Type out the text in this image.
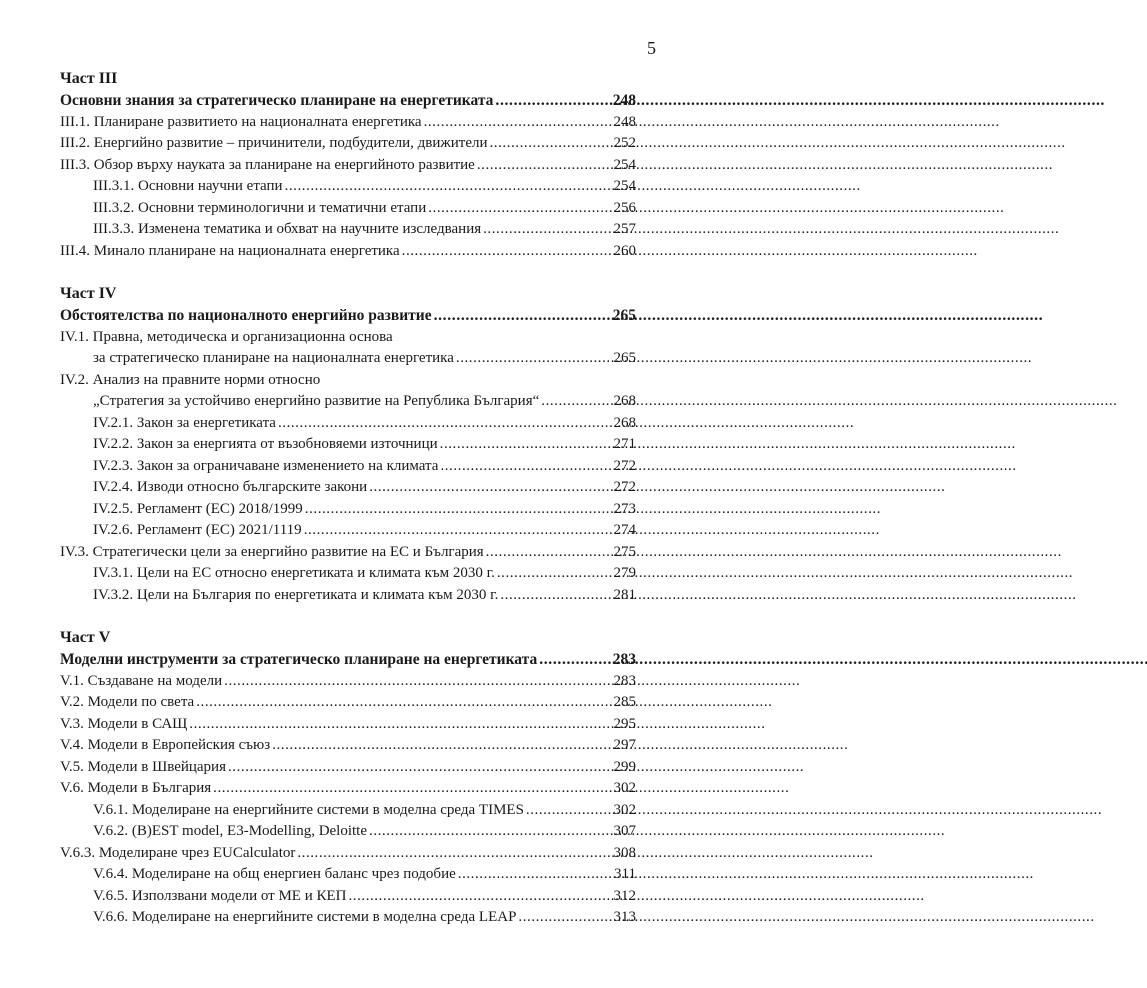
5
Част III
Основни знания за стратегическо планиране на енергетиката . . .	248
III.1. Планиране развитието на националната енергетика . . .	248
III.2. Енергийно развитие – причинители, подбудители, движители . . .	252
III.3. Обзор върху науката за планиране на енергийното развитие . . .	254
III.3.1. Основни научни етапи . . .	254
III.3.2. Основни терминологични и тематични етапи . . .	256
III.3.3. Изменена тематика и обхват на научните изследвания . . .	257
III.4. Минало планиране на националната енергетика . . .	260
Част IV
Обстоятелства по националното енергийно развитие . . .	265
IV.1. Правна, методическа и организационна основа
за стратегическо планиране на националната енергетика . . .	265
IV.2. Анализ на правните норми относно
„Стратегия за устойчиво енергийно развитие на Република България“ . . .	268
IV.2.1. Закон за енергетиката . . .	268
IV.2.2. Закон за енергията от възобновяеми източници . . .	271
IV.2.3. Закон за ограничаване изменението на климата . . .	272
IV.2.4. Изводи относно българските закони . . .	272
IV.2.5. Регламент (ЕС) 2018/1999 . . .	273
IV.2.6. Регламент (ЕС) 2021/1119 . . .	274
IV.3. Стратегически цели за енергийно развитие на ЕС и България . . .	275
IV.3.1. Цели на ЕС относно енергетиката и климата към 2030 г. . . .	279
IV.3.2. Цели на България по енергетиката и климата към 2030 г. . . .	281
Част V
Моделни инструменти за стратегическо планиране на енергетиката . . .	283
V.1. Създаване на модели . . .	283
V.2. Модели по света . . .	285
V.3. Модели в САЩ . . .	295
V.4. Модели в Европейския съюз . . .	297
V.5. Модели в Швейцария . . .	299
V.6. Модели в България . . .	302
V.6.1. Моделиране на енергийните системи в моделна среда TIMES . . .	302
V.6.2. (B)EST model, E3-Modelling, Deloitte . . .	307
V.6.3. Моделиране чрез EUCalculator . . .	308
V.6.4. Моделиране на общ енергиен баланс чрез подобие . . .	311
V.6.5. Използвани модели от МЕ и КЕП . . .	312
V.6.6. Моделиране на енергийните системи в моделна среда LEAP . . .	313
